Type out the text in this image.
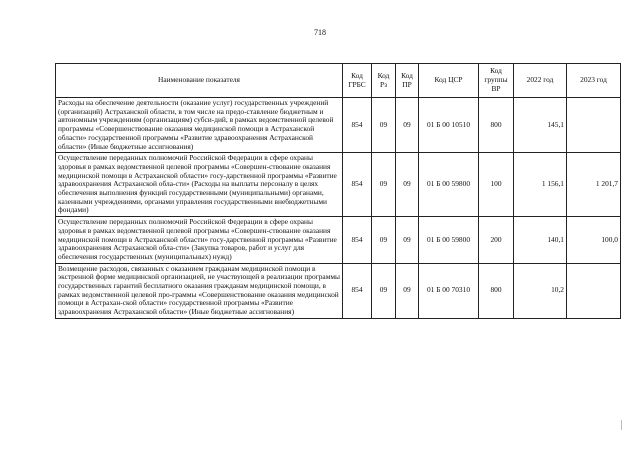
718
Наименование показателя	Код ГРБС	Код Рз	Код ПР	Код ЦСР	Код группы ВР	2022 год	2023 год
Расходы на обеспечение деятельности (оказание услуг) государственных учреждений (организаций) Астраханской области, в том числе на предо-ставление бюджетным и автономным учреждениям (организациям) субси-дий, в рамках ведомственной целевой программы «Совершенствование оказания медицинской помощи в Астраханской области» государственной программы «Развитие здравоохранения Астраханской области» (Иные бюджетные ассигнования)	854	09	09	01 Б 00 10510	800	145,1	
Осуществление переданных полномочий Российской Федерации в сфере охраны здоровья в рамках ведомственной целевой программы «Совершен-ствование оказания медицинской помощи в Астраханской области» госу-дарственной программы «Развитие здравоохранения Астраханской обла-сти» (Расходы на выплаты персоналу в целях обеспечения выполнения функций государственными (муниципальными) органами, казенными учреждениями, органами управления государственными внебюджетными фондами)	854	09	09	01 Б 00 59800	100	1 156,1	1 201,7
Осуществление переданных полномочий Российской Федерации в сфере охраны здоровья в рамках ведомственной целевой программы «Совершен-ствование оказания медицинской помощи в Астраханской области» госу-дарственной программы «Развитие здравоохранения Астраханской обла-сти» (Закупка товаров, работ и услуг для обеспечения государственных (муниципальных) нужд)	854	09	09	01 Б 00 59800	200	140,1	100,0
Возмещение расходов, связанных с оказанием гражданам медицинской помощи в экстренной форме медицинской организацией, не участвующей в реализации программы государственных гарантий бесплатного оказания гражданам медицинской помощи, в рамках ведомственной целевой про-граммы «Совершенствование оказания медицинской помощи в Астрахан-ской области» государственной программы «Развитие здравоохранения Астраханской области» (Иные бюджетные ассигнования)	854	09	09	01 Б 00 70310	800	10,2	
